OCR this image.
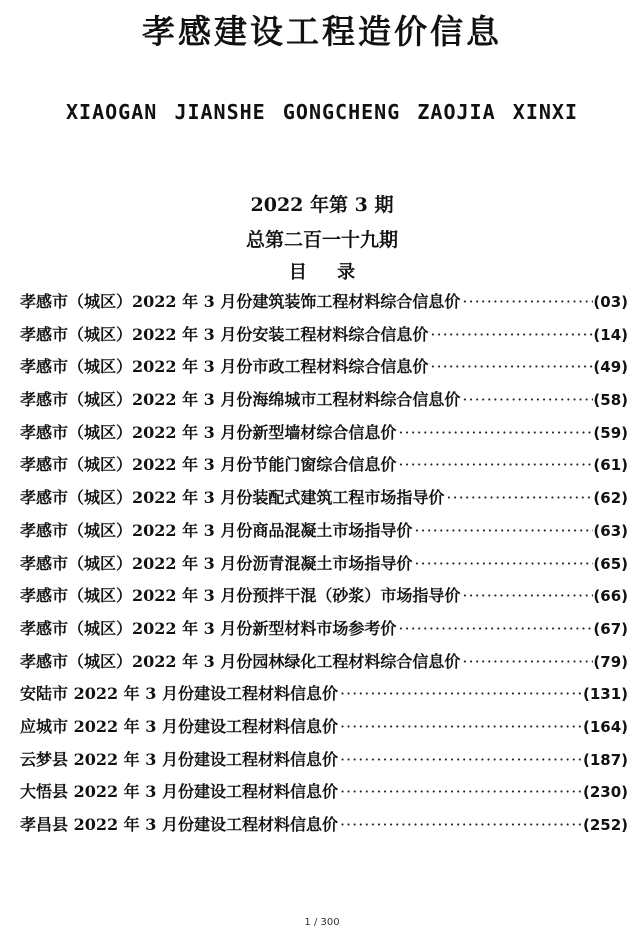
孝感建设工程造价信息
XIAOGAN JIANSHE GONGCHENG ZAOJIA XINXI
2022 年第 3 期
总第二百一十九期
目 录
孝感市（城区）2022 年 3 月份建筑装饰工程材料综合信息价 ·····	(03)
孝感市（城区）2022 年 3 月份安装工程材料综合信息价 ·····	(14)
孝感市（城区）2022 年 3 月份市政工程材料综合信息价 ·····	(49)
孝感市（城区）2022 年 3 月份海绵城市工程材料综合信息价 ·····	(58)
孝感市（城区）2022 年 3 月份新型墙材综合信息价 ·····	(59)
孝感市（城区）2022 年 3 月份节能门窗综合信息价 ·····	(61)
孝感市（城区）2022 年 3 月份装配式建筑工程市场指导价 ·····	(62)
孝感市（城区）2022 年 3 月份商品混凝土市场指导价 ·····	(63)
孝感市（城区）2022 年 3 月份沥青混凝土市场指导价 ·····	(65)
孝感市（城区）2022 年 3 月份预拌干混（砂浆）市场指导价 ·····	(66)
孝感市（城区）2022 年 3 月份新型材料市场参考价 ·····	(67)
孝感市（城区）2022 年 3 月份园林绿化工程材料综合信息价 ·····	(79)
安陆市 2022 年 3 月份建设工程材料信息价 ·····	(131)
应城市 2022 年 3 月份建设工程材料信息价 ·····	(164)
云梦县 2022 年 3 月份建设工程材料信息价 ·····	(187)
大悟县 2022 年 3 月份建设工程材料信息价 ·····	(230)
孝昌县 2022 年 3 月份建设工程材料信息价 ·····	(252)
1 / 300
